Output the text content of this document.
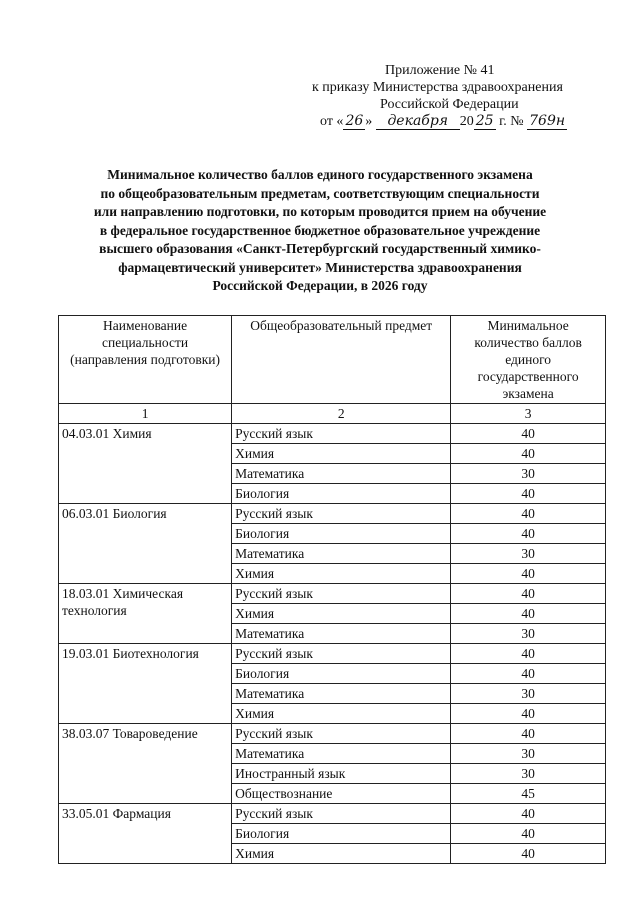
Приложение № 41
к приказу Министерства здравоохранения
Российской Федерации
от « 26 » декабря 20 25 г. № 769н
Минимальное количество баллов единого государственного экзамена
по общеобразовательным предметам, соответствующим специальности
или направлению подготовки, по которым проводится прием на обучение
в федеральное государственное бюджетное образовательное учреждение
высшего образования «Санкт-Петербургский государственный химико-
фармацевтический университет» Министерства здравоохранения
Российской Федерации, в 2026 году
Наименование специальности (направления подготовки)	Общеобразовательный предмет	Минимальное количество баллов единого государственного экзамена
1	2	3
04.03.01 Химия	Русский язык	40
	Химия	40
	Математика	30
	Биология	40
06.03.01 Биология	Русский язык	40
	Биология	40
	Математика	30
	Химия	40
18.03.01 Химическая технология	Русский язык	40
	Химия	40
	Математика	30
19.03.01 Биотехнология	Русский язык	40
	Биология	40
	Математика	30
	Химия	40
38.03.07 Товароведение	Русский язык	40
	Математика	30
	Иностранный язык	30
	Обществознание	45
33.05.01 Фармация	Русский язык	40
	Биология	40
	Химия	40
